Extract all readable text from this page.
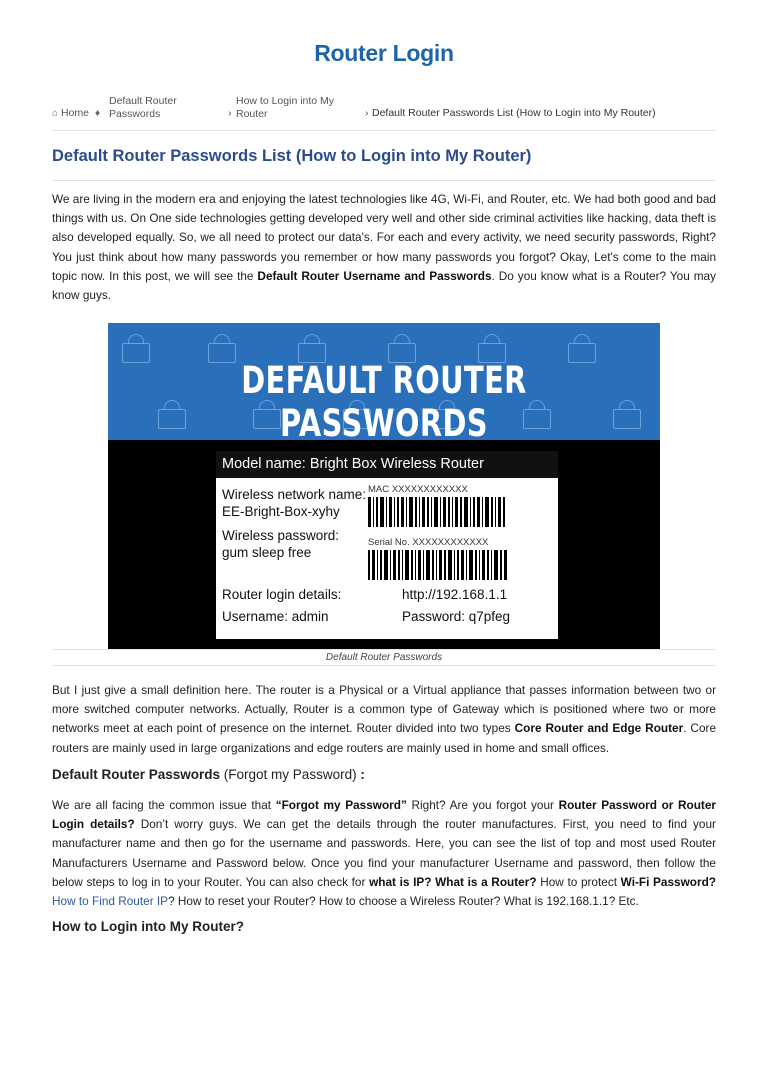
Router Login
⌂ Home ♦
Default Router
Passwords	›
How to Login into My
Router	› Default Router Passwords List (How to Login into My Router)
Default Router Passwords List (How to Login into My Router)
We are living in the modern era and enjoying the latest technologies like 4G, Wi-Fi, and Router, etc. We had both good and bad things with us. On One side technologies getting developed very well and other side criminal activities like hacking, data theft is also developed equally. So, we all need to protect our data's. For each and every activity, we need security passwords, Right? You just think about how many passwords you remember or how many passwords you forgot? Okay, Let's come to the main topic now. In this post, we will see the Default Router Username and Passwords. Do you know what is a Router? You may know guys.
DEFAULT ROUTER PASSWORDS
Model name: Bright Box Wireless Router
Wireless network name:
EE-Bright-Box-xyhy
Wireless password:
gum sleep free
MAC XXXXXXXXXXXX
Serial No. XXXXXXXXXXXX
Router login details:	http://192.168.1.1
Username: admin	Password: q7pfeg
Default Router Passwords
But I just give a small definition here. The router is a Physical or a Virtual appliance that passes information between two or more switched computer networks. Actually, Router is a common type of Gateway which is positioned where two or more networks meet at each point of presence on the internet. Router divided into two types Core Router and Edge Router. Core routers are mainly used in large organizations and edge routers are mainly used in home and small offices.
Default Router Passwords (Forgot my Password) :
We are all facing the common issue that “Forgot my Password” Right? Are you forgot your Router Password or Router Login details? Don’t worry guys. We can get the details through the router manufactures. First, you need to find your manufacturer name and then go for the username and passwords. Here, you can see the list of top and most used Router Manufacturers Username and Password below. Once you find your manufacturer Username and password, then follow the below steps to log in to your Router. You can also check for what is IP? What is a Router? How to protect Wi-Fi Password? How to Find Router IP? How to reset your Router? How to choose a Wireless Router? What is 192.168.1.1? Etc.
How to Login into My Router?
